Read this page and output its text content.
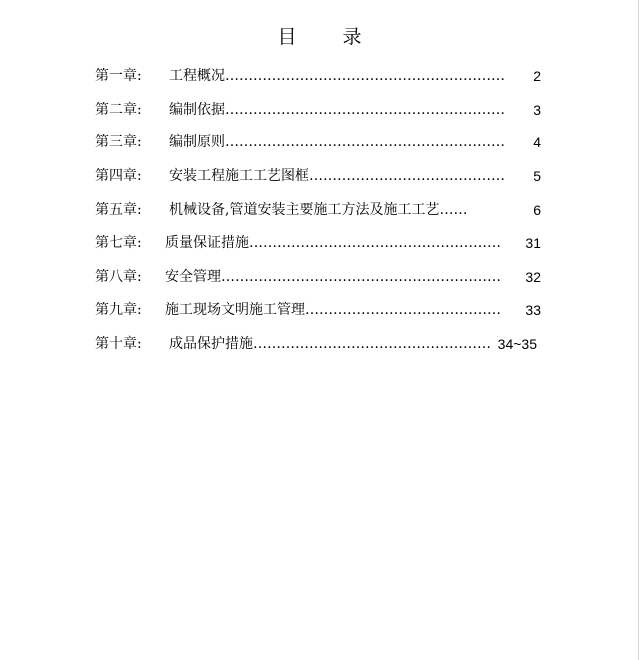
目 录
第一章: 工程概况…………………………………………………… 2
第二章: 编制依据…………………………………………………… 3
第三章: 编制原则…………………………………………………… 4
第四章: 安装工程施工工艺图框…………………………………… 5
第五章: 机械设备,管道安装主要施工方法及施工工艺……	6
第七章: 质量保证措施……………………………………………… 31
第八章: 安全管理…………………………………………………… 32
第九章: 施工现场文明施工管理…………………………………… 33
第十章: 成品保护措施…………………………………………… 34~35
